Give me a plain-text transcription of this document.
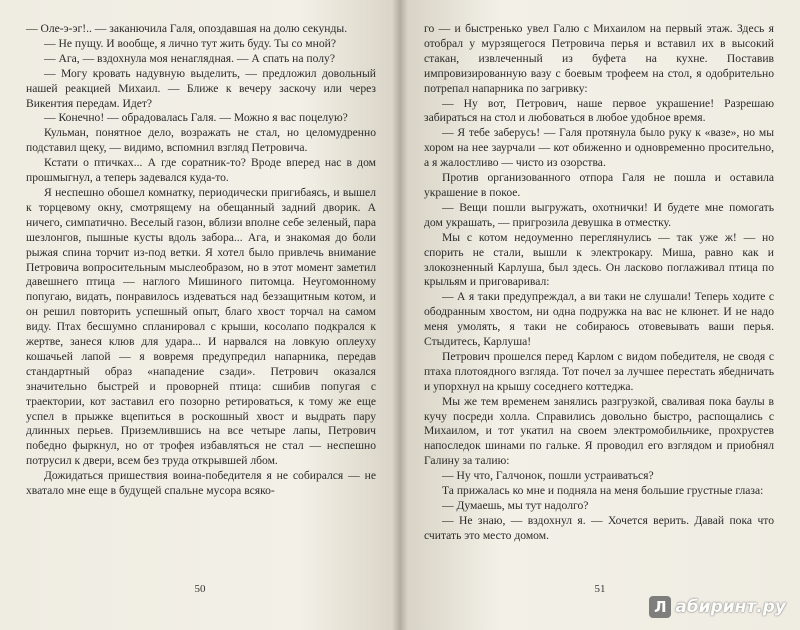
— Оле-э-эг!.. — заканючила Галя, опоздавшая на долю секунды.

— Не пущу. И вообще, я лично тут жить буду. Ты со мной?

— Ага, — вздохнула моя ненаглядная. — А спать на полу?

— Могу кровать надувную выделить, — предложил довольный нашей реакцией Михаил. — Ближе к вечеру заскочу или через Викентия передам. Идет?

— Конечно! — обрадовалась Галя. — Можно я вас поцелую?

Кульман, понятное дело, возражать не стал, но целомудренно подставил щеку, — видимо, вспомнил взгляд Петровича.

Кстати о птичках... А где соратник-то? Вроде вперед нас в дом прошмыгнул, а теперь задевался куда-то.

Я неспешно обошел комнатку, периодически пригибаясь, и вышел к торцевому окну, смотрящему на обещанный задний дворик. А ничего, симпатично. Веселый газон, вблизи вполне себе зеленый, пара шезлонгов, пышные кусты вдоль забора... Ага, и знакомая до боли рыжая спина торчит из-под ветки. Я хотел было привлечь внимание Петровича вопросительным мыслеобразом, но в этот момент заметил давешнего птица — наглого Мишиного питомца. Неугомонному попугаю, видать, понравилось издеваться над беззащитным котом, и он решил повторить успешный опыт, благо хвост торчал на самом виду. Птах бесшумно спланировал с крыши, косолапо подкрался к жертве, занеся клюв для удара... И нарвался на ловкую оплеуху кошачьей лапой — я вовремя предупредил напарника, передав стандартный образ «нападение сзади». Петрович оказался значительно быстрей и проворней птица: сшибив попугая с траектории, кот заставил его позорно ретироваться, к тому же еще успел в прыжке вцепиться в роскошный хвост и выдрать пару длинных перьев. Приземлившись на все четыре лапы, Петрович победно фыркнул, но от трофея избавляться не стал — неспешно потрусил к двери, всем без труда открывшей лбом.

Дожидаться пришествия воина-победителя я не собирался — не хватало мне еще в будущей спальне мусора всяко-

50

го — и быстренько увел Галю с Михаилом на первый этаж. Здесь я отобрал у мурзящегося Петровича перья и вставил их в высокий стакан, извлеченный из буфета на кухне. Поставив импровизированную вазу с боевым трофеем на стол, я одобрительно потрепал напарника по загривку:

— Ну вот, Петрович, наше первое украшение! Разрешаю забираться на стол и любоваться в любое удобное время.

— Я тебе заберусь! — Галя протянула было руку к «вазе», но мы хором на нее заурчали — кот обиженно и одновременно просительно, а я жалостливо — чисто из озорства.

Против организованного отпора Галя не пошла и оставила украшение в покое.

— Вещи пошли выгружать, охотнички! И будете мне помогать дом украшать, — пригрозила девушка в отместку.

Мы с котом недоуменно переглянулись — так уже ж! — но спорить не стали, вышли к электрокару. Миша, равно как и злокозненный Карлуша, был здесь. Он ласково поглаживал птица по крыльям и приговаривал:

— А я таки предупреждал, а ви таки не слушали! Теперь ходите с ободранным хвостом, ни одна подружка на вас не клюнет. И не надо меня умолять, я таки не собираюсь отовевывать ваши перья. Стыдитесь, Карлуша!

Петрович прошелся перед Карлом с видом победителя, не сводя с птаха плотоядного взгляда. Тот почел за лучшее перестать ябедничать и упорхнул на крышу соседнего коттеджа.

Мы же тем временем занялись разгрузкой, сваливая пока баулы в кучу посреди холла. Справились довольно быстро, распощались с Михаилом, и тот укатил на своем электромобильчике, прохрустев напоследок шинами по гальке. Я проводил его взглядом и приобнял Галину за талию:

— Ну что, Галчонок, пошли устраиваться?

Та прижалась ко мне и подняла на меня большие грустные глаза:

— Думаешь, мы тут надолго?

— Не знаю, — вздохнул я. — Хочется верить. Давай пока что считать это место домом.

51
Л абиринт.ру
